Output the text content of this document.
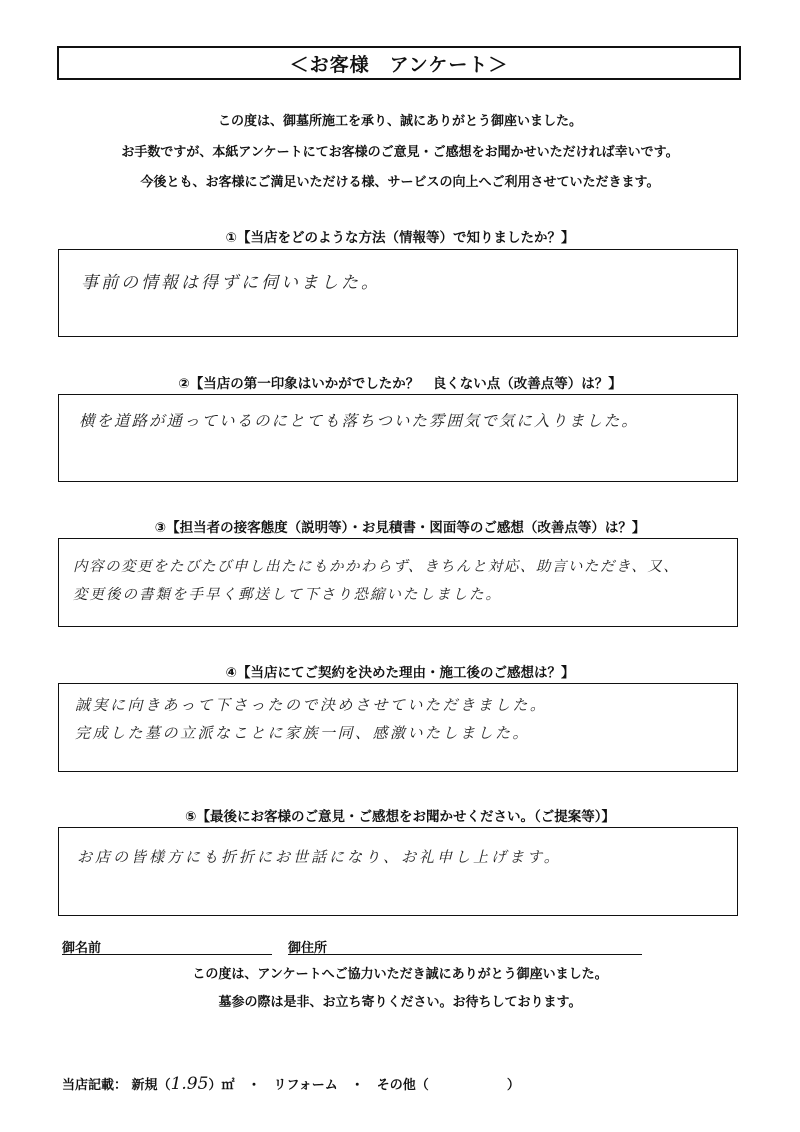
＜お客様　アンケート＞
この度は、御墓所施工を承り、誠にありがとう御座いました。
お手数ですが、本紙アンケートにてお客様のご意見・ご感想をお聞かせいただければ幸いです。
今後とも、お客様にご満足いただける様、サービスの向上へご利用させていただきます。
①【当店をどのような方法（情報等）で知りましたか？】
事前の情報は得ずに伺いました。
②【当店の第一印象はいかがでしたか？　良くない点（改善点等）は？】
横を道路が通っているのにとても落ちついた雰囲気で気に入りました。
③【担当者の接客態度（説明等）・お見積書・図面等のご感想（改善点等）は？】
内容の変更をたびたび申し出たにもかかわらず、きちんと対応、助言いただき、又、
変更後の書類を手早く郵送して下さり恐縮いたしました。
④【当店にてご契約を決めた理由・施工後のご感想は？】
誠実に向きあって下さったので決めさせていただきました。
完成した墓の立派なことに家族一同、感激いたしました。
⑤【最後にお客様のご意見・ご感想をお聞かせください。（ご提案等）】
お店の皆様方にも折折にお世話になり、お礼申し上げます。
御名前	御住所
この度は、アンケートへご協力いただき誠にありがとう御座いました。
墓参の際は是非、お立ち寄りください。お待ちしております。
当店記載： 新規（1.95）㎡　・　リフォーム　・　その他（	）
